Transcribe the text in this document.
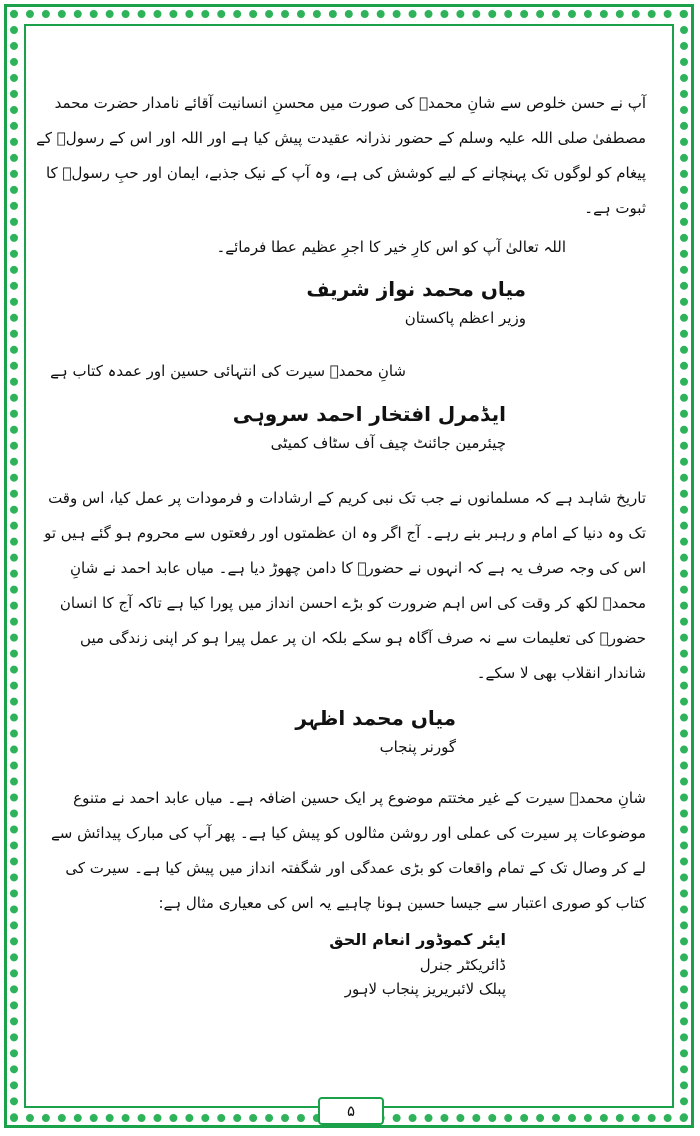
آپ نے حسن خلوص سے شانِ محمدؐ کی صورت میں محسنِ انسانیت آقائے نامدار حضرت محمد مصطفیٰ صلی اللہ علیہ وسلم کے حضور نذرانہ عقیدت پیش کیا ہے اور اللہ اور اس کے رسولؐ کے پیغام کو لوگوں تک پہنچانے کے لیے کوشش کی ہے، وہ آپ کے نیک جذبے، ایمان اور حبِ رسولؐ کا ثبوت ہے۔

اللہ تعالیٰ آپ کو اس کارِ خیر کا اجرِ عظیم عطا فرمائے۔

میاں محمد نواز شریف

وزیر اعظم پاکستان

شانِ محمدؐ سیرت کی انتہائی حسین اور عمدہ کتاب ہے

ایڈمرل افتخار احمد سروہی

چیئرمین جائنٹ چیف آف سٹاف کمیٹی

تاریخ شاہد ہے کہ مسلمانوں نے جب تک نبی کریم کے ارشادات و فرمودات پر عمل کیا، اس وقت تک وہ دنیا کے امام و رہبر بنے رہے۔ آج اگر وہ ان عظمتوں اور رفعتوں سے محروم ہو گئے ہیں تو اس کی وجہ صرف یہ ہے کہ انہوں نے حضورؐ کا دامن چھوڑ دیا ہے۔ میاں عابد احمد نے شانِ محمدؐ لکھ کر وقت کی اس اہم ضرورت کو بڑے احسن انداز میں پورا کیا ہے تاکہ آج کا انسان حضورؐ کی تعلیمات سے نہ صرف آگاہ ہو سکے بلکہ ان پر عمل پیرا ہو کر اپنی زندگی میں شاندار انقلاب بھی لا سکے۔

میاں محمد اظہر

گورنر پنجاب

شانِ محمدؐ سیرت کے غیر مختتم موضوع پر ایک حسین اضافہ ہے۔ میاں عابد احمد نے متنوع موضوعات پر سیرت کی عملی اور روشن مثالوں کو پیش کیا ہے۔ پھر آپ کی مبارک پیدائش سے لے کر وصال تک کے تمام واقعات کو بڑی عمدگی اور شگفتہ انداز میں پیش کیا ہے۔ سیرت کی کتاب کو صوری اعتبار سے جیسا حسین ہونا چاہیے یہ اس کی معیاری مثال ہے:

ایئر کموڈور انعام الحق

ڈائریکٹر جنرل

پبلک لائبریریز پنجاب لاہور

۵
